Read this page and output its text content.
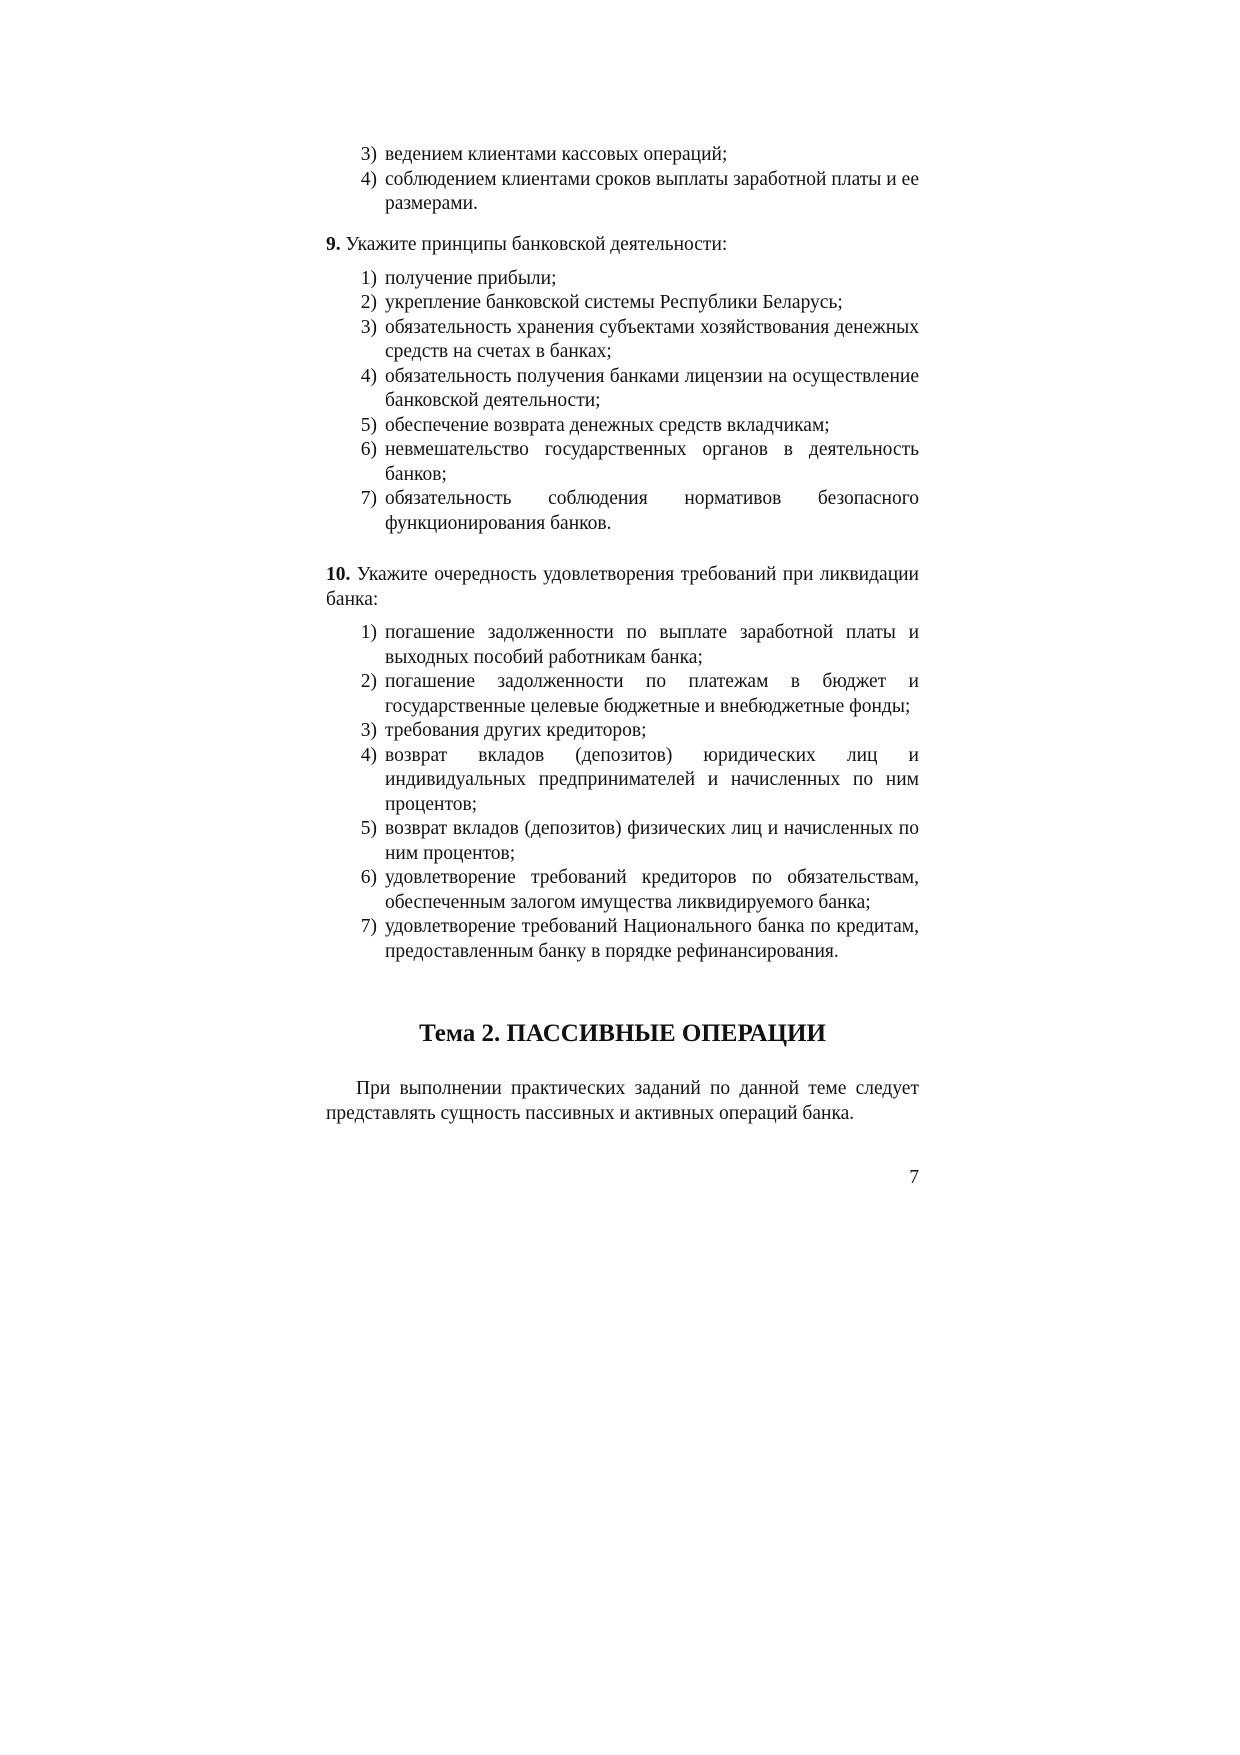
3) ведением клиентами кассовых операций;
4) соблюдением клиентами сроков выплаты заработной платы и ее размерами.

9. Укажите принципы банковской деятельности:

1) получение прибыли;
2) укрепление банковской системы Республики Беларусь;
3) обязательность хранения субъектами хозяйствования денежных средств на счетах в банках;
4) обязательность получения банками лицензии на осуществление банковской деятельности;
5) обеспечение возврата денежных средств вкладчикам;
6) невмешательство государственных органов в деятельность банков;
7) обязательность соблюдения нормативов безопасного функционирования банков.

10. Укажите очередность удовлетворения требований при ликвидации банка:

1) погашение задолженности по выплате заработной платы и выходных пособий работникам банка;
2) погашение задолженности по платежам в бюджет и государственные целевые бюджетные и внебюджетные фонды;
3) требования других кредиторов;
4) возврат вкладов (депозитов) юридических лиц и индивидуальных предпринимателей и начисленных по ним процентов;
5) возврат вкладов (депозитов) физических лиц и начисленных по ним процентов;
6) удовлетворение требований кредиторов по обязательствам, обеспеченным залогом имущества ликвидируемого банка;
7) удовлетворение требований Национального банка по кредитам, предоставленным банку в порядке рефинансирования.
Тема 2. ПАССИВНЫЕ ОПЕРАЦИИ

При выполнении практических заданий по данной теме следует представлять сущность пассивных и активных операций банка.

7
